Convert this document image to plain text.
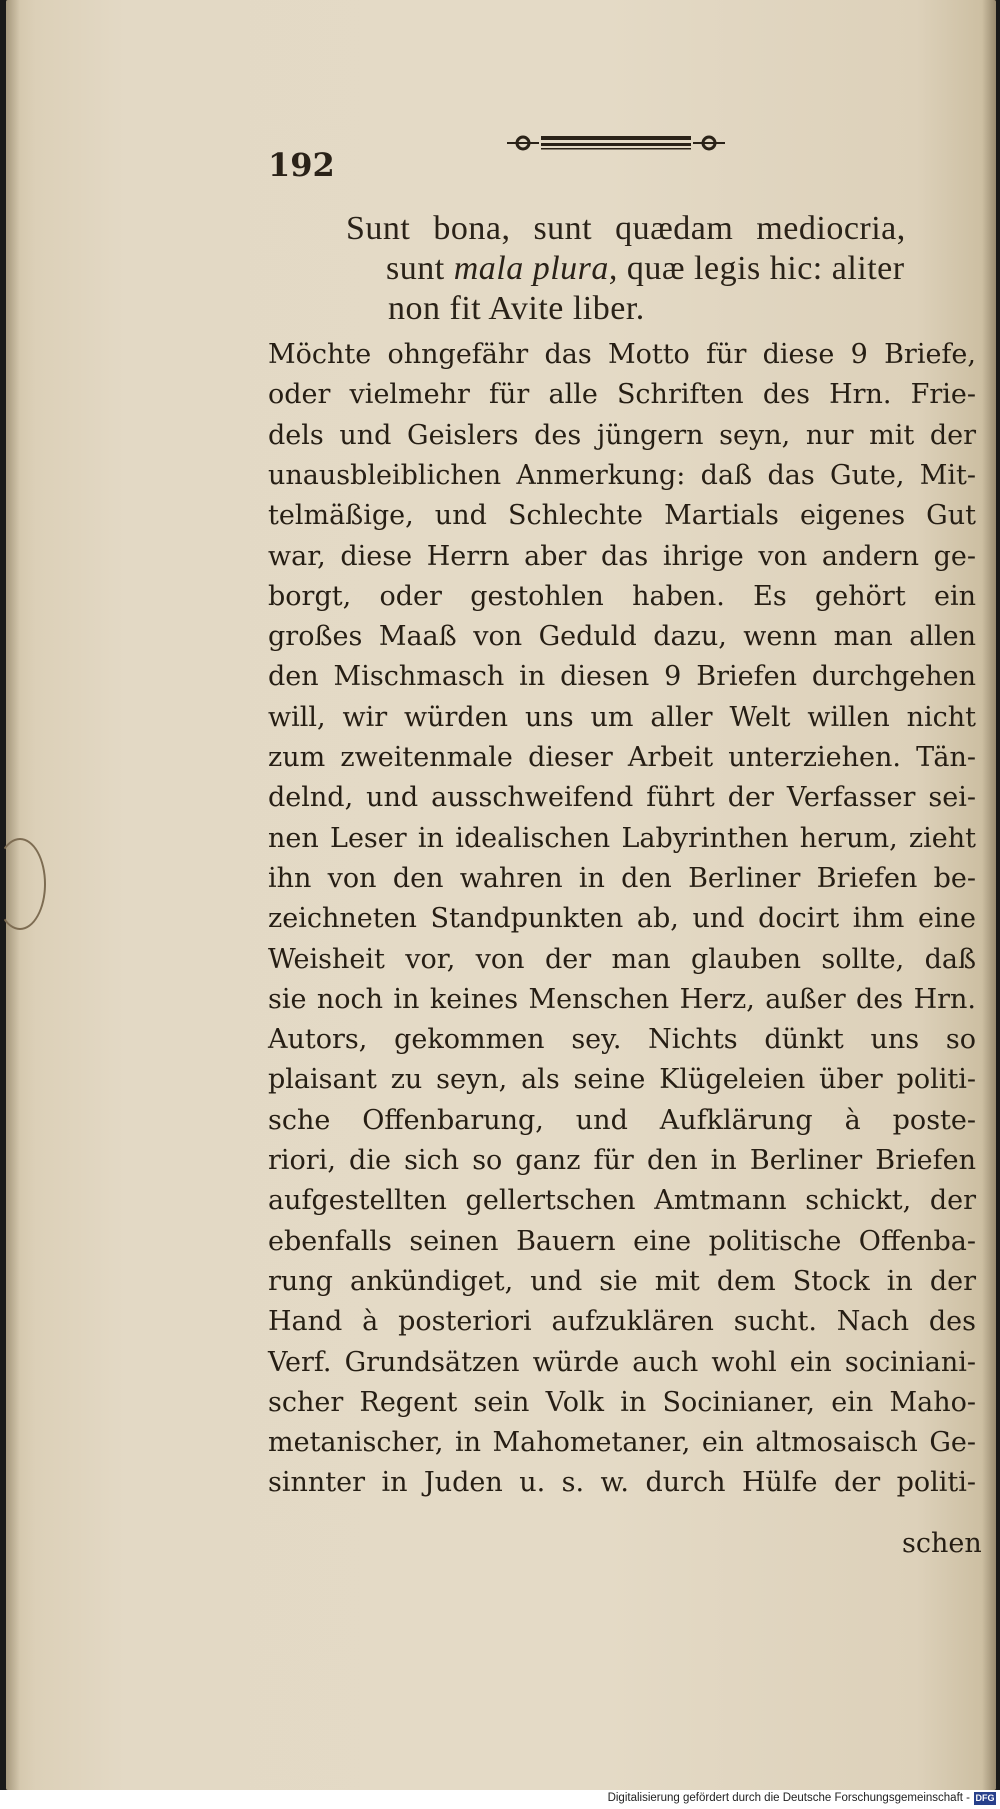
192
Sunt bona, sunt quædam mediocria,
sunt mala plura, quæ legis hic: aliter
non fit Avite liber.
Möchte ohngefähr das Motto für diese 9 Briefe,
oder vielmehr für alle Schriften des Hrn. Frie-
dels und Geislers des jüngern seyn, nur mit der
unausbleiblichen Anmerkung: daß das Gute, Mit-
telmäßige, und Schlechte Martials eigenes Gut
war, diese Herrn aber das ihrige von andern ge-
borgt, oder gestohlen haben. Es gehört ein
großes Maaß von Geduld dazu, wenn man allen
den Mischmasch in diesen 9 Briefen durchgehen
will, wir würden uns um aller Welt willen nicht
zum zweitenmale dieser Arbeit unterziehen. Tän-
delnd, und ausschweifend führt der Verfasser sei-
nen Leser in idealischen Labyrinthen herum, zieht
ihn von den wahren in den Berliner Briefen be-
zeichneten Standpunkten ab, und docirt ihm eine
Weisheit vor, von der man glauben sollte, daß
sie noch in keines Menschen Herz, außer des Hrn.
Autors, gekommen sey. Nichts dünkt uns so
plaisant zu seyn, als seine Klügeleien über politi-
sche Offenbarung, und Aufklärung à poste-
riori, die sich so ganz für den in Berliner Briefen
aufgestellten gellertschen Amtmann schickt, der
ebenfalls seinen Bauern eine politische Offenba-
rung ankündiget, und sie mit dem Stock in der
Hand à posteriori aufzuklären sucht. Nach des
Verf. Grundsätzen würde auch wohl ein sociniani-
scher Regent sein Volk in Socinianer, ein Maho-
metanischer, in Mahometaner, ein altmosaisch Ge-
sinnter in Juden u. s. w. durch Hülfe der politi-
schen
Digitalisierung gefördert durch die Deutsche Forschungsgemeinschaft - DFG
